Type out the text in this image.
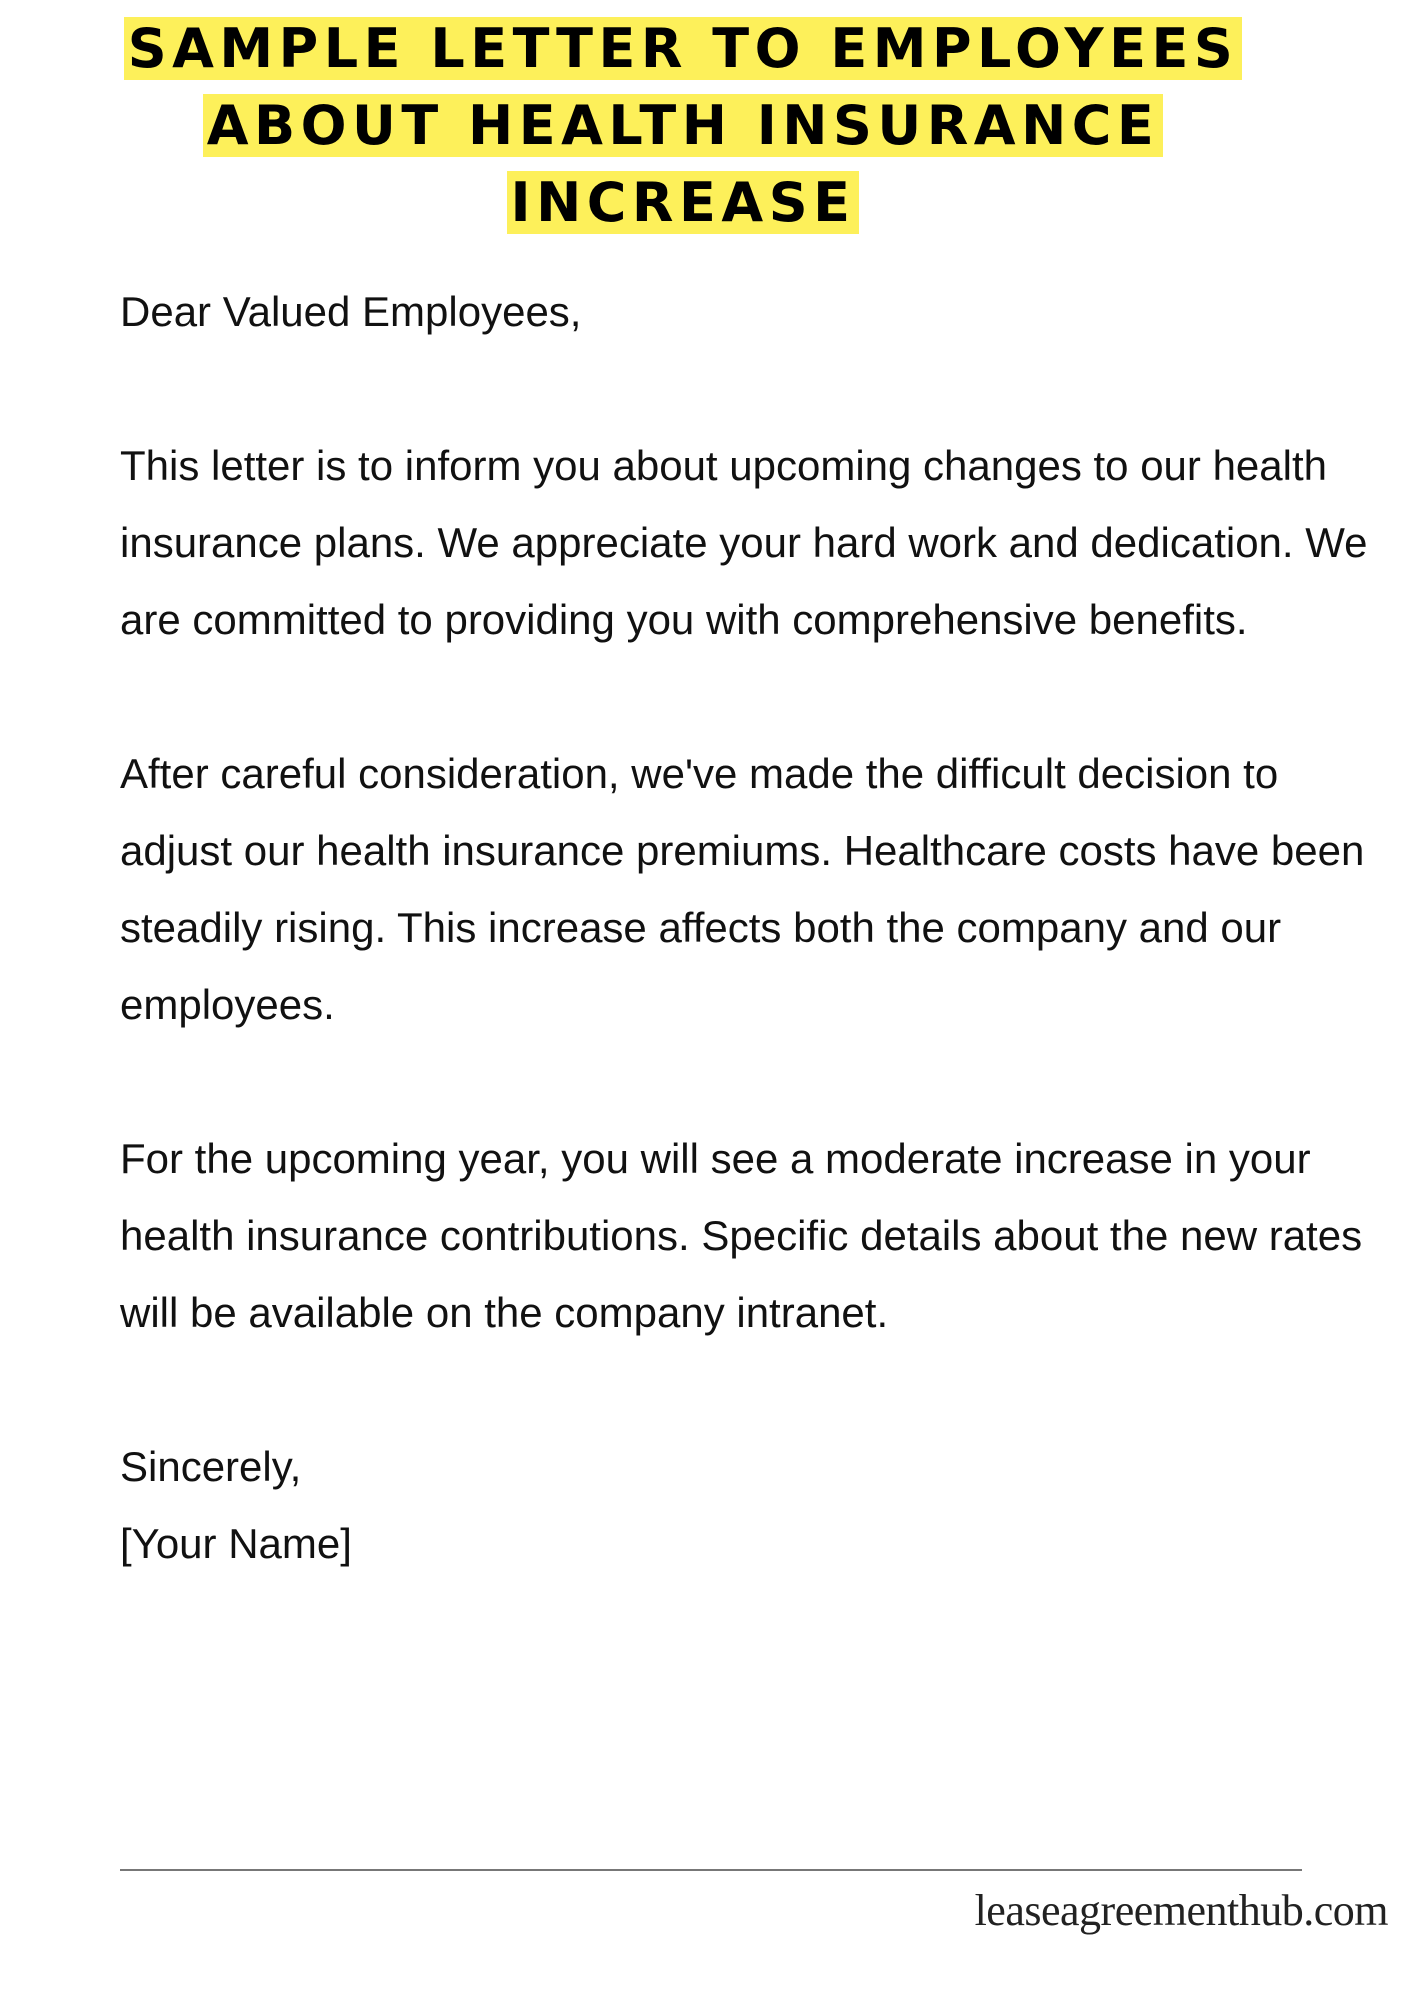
SAMPLE LETTER TO EMPLOYEES
ABOUT HEALTH INSURANCE
INCREASE

Dear Valued Employees,

This letter is to inform you about upcoming changes to our health insurance plans. We appreciate your hard work and dedication. We are committed to providing you with comprehensive benefits.

After careful consideration, we've made the difficult decision to adjust our health insurance premiums. Healthcare costs have been steadily rising. This increase affects both the company and our employees.

For the upcoming year, you will see a moderate increase in your health insurance contributions. Specific details about the new rates will be available on the company intranet.

Sincerely,
[Your Name]

leaseagreementhub.com
